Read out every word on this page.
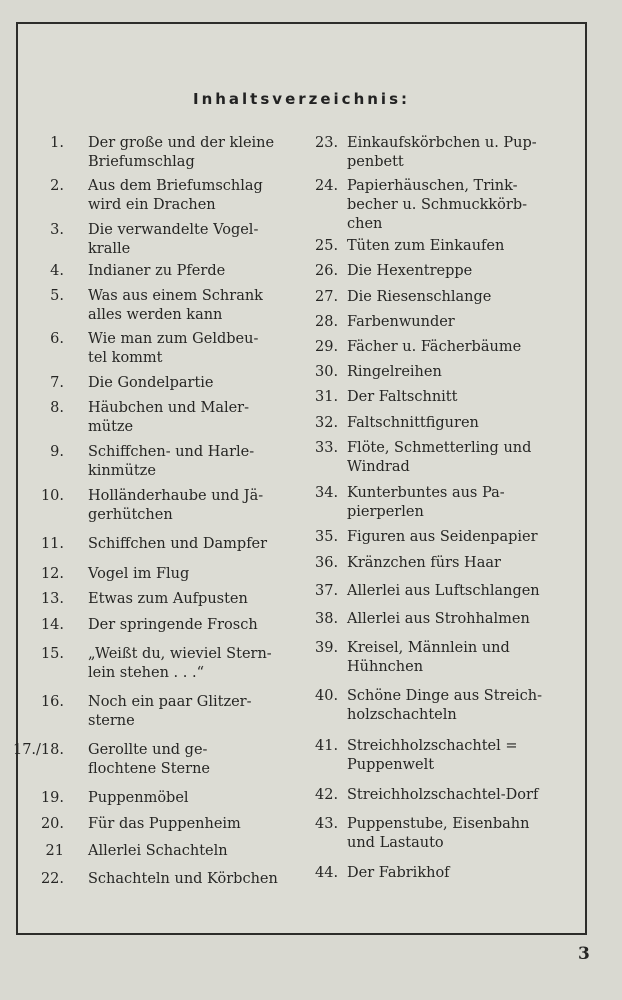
Inhaltsverzeichnis:
1. Der große und der kleine
Briefumschlag
2. Aus dem Briefumschlag
wird ein Drachen
3. Die verwandelte Vogel-
kralle
4. Indianer zu Pferde
5. Was aus einem Schrank
alles werden kann
6. Wie man zum Geldbeu-
tel kommt
7. Die Gondelpartie
8. Häubchen und Maler-
mütze
9. Schiffchen- und Harle-
kinmütze
10. Holländerhaube und Jä-
gerhütchen
11. Schiffchen und Dampfer
12. Vogel im Flug
13. Etwas zum Aufpusten
14. Der springende Frosch
15. „Weißt du, wieviel Stern-
lein stehen . . .“
16. Noch ein paar Glitzer-
sterne
17./18. Gerollte und ge-
flochtene Sterne
19. Puppenmöbel
20. Für das Puppenheim
21 Allerlei Schachteln
22. Schachteln und Körbchen
23. Einkaufskörbchen u. Pup-
penbett
24. Papierhäuschen, Trink-
becher u. Schmuckkörb-
chen
25. Tüten zum Einkaufen
26. Die Hexentreppe
27. Die Riesenschlange
28. Farbenwunder
29. Fächer u. Fächerbäume
30. Ringelreihen
31. Der Faltschnitt
32. Faltschnittfiguren
33. Flöte, Schmetterling und
Windrad
34. Kunterbuntes aus Pa-
pierperlen
35. Figuren aus Seidenpapier
36. Kränzchen fürs Haar
37. Allerlei aus Luftschlangen
38. Allerlei aus Strohhalmen
39. Kreisel, Männlein und
Hühnchen
40. Schöne Dinge aus Streich-
holzschachteln
41. Streichholzschachtel =
Puppenwelt
42. Streichholzschachtel-Dorf
43. Puppenstube, Eisenbahn
und Lastauto
44. Der Fabrikhof
3
